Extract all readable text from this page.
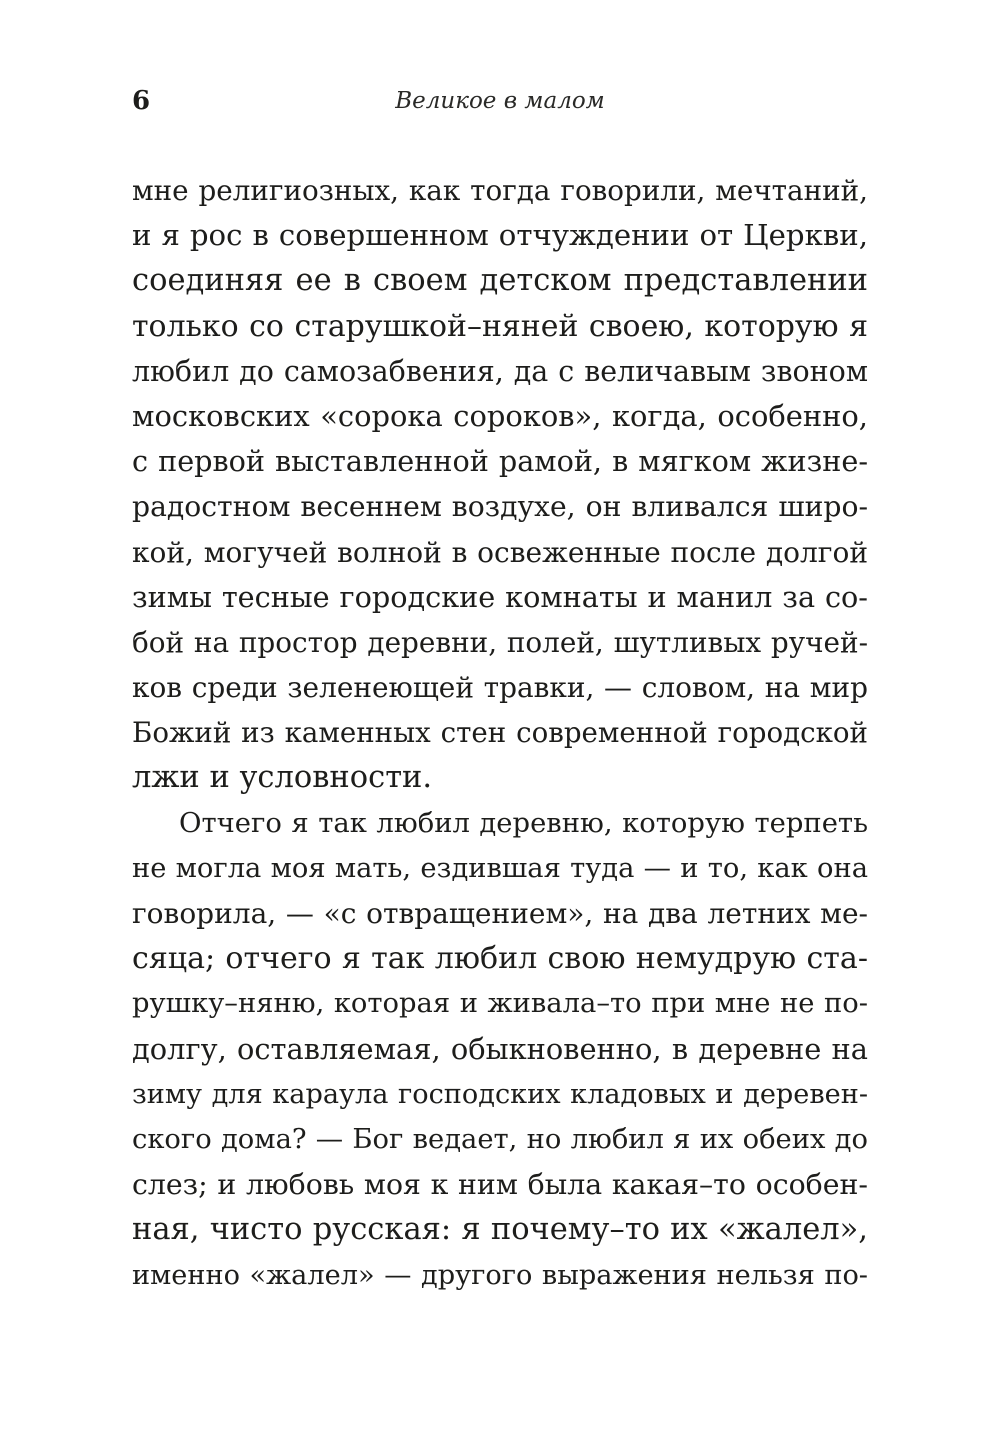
6	Великое в малом
мне религиозных, как тогда говорили, мечтаний,
и я рос в совершенном отчуждении от Церкви,
соединяя ее в своем детском представлении
только со старушкой–няней своею, которую я
любил до самозабвения, да с величавым звоном
московских «сорока сороков», когда, особенно,
с первой выставленной рамой, в мягком жизне-
радостном весеннем воздухе, он вливался широ-
кой, могучей волной в освеженные после долгой
зимы тесные городские комнаты и манил за со-
бой на простор деревни, полей, шутливых ручей-
ков среди зеленеющей травки, — словом, на мир
Божий из каменных стен современной городской
лжи и условности.
Отчего я так любил деревню, которую терпеть
не могла моя мать, ездившая туда — и то, как она
говорила, — «с отвращением», на два летних ме-
сяца; отчего я так любил свою немудрую ста-
рушку–няню, которая и живала–то при мне не по-
долгу, оставляемая, обыкновенно, в деревне на
зиму для караула господских кладовых и деревен-
ского дома? — Бог ведает, но любил я их обеих до
слез; и любовь моя к ним была какая–то особен-
ная, чисто русская: я почему–то их «жалел»,
именно «жалел» — другого выражения нельзя по-
